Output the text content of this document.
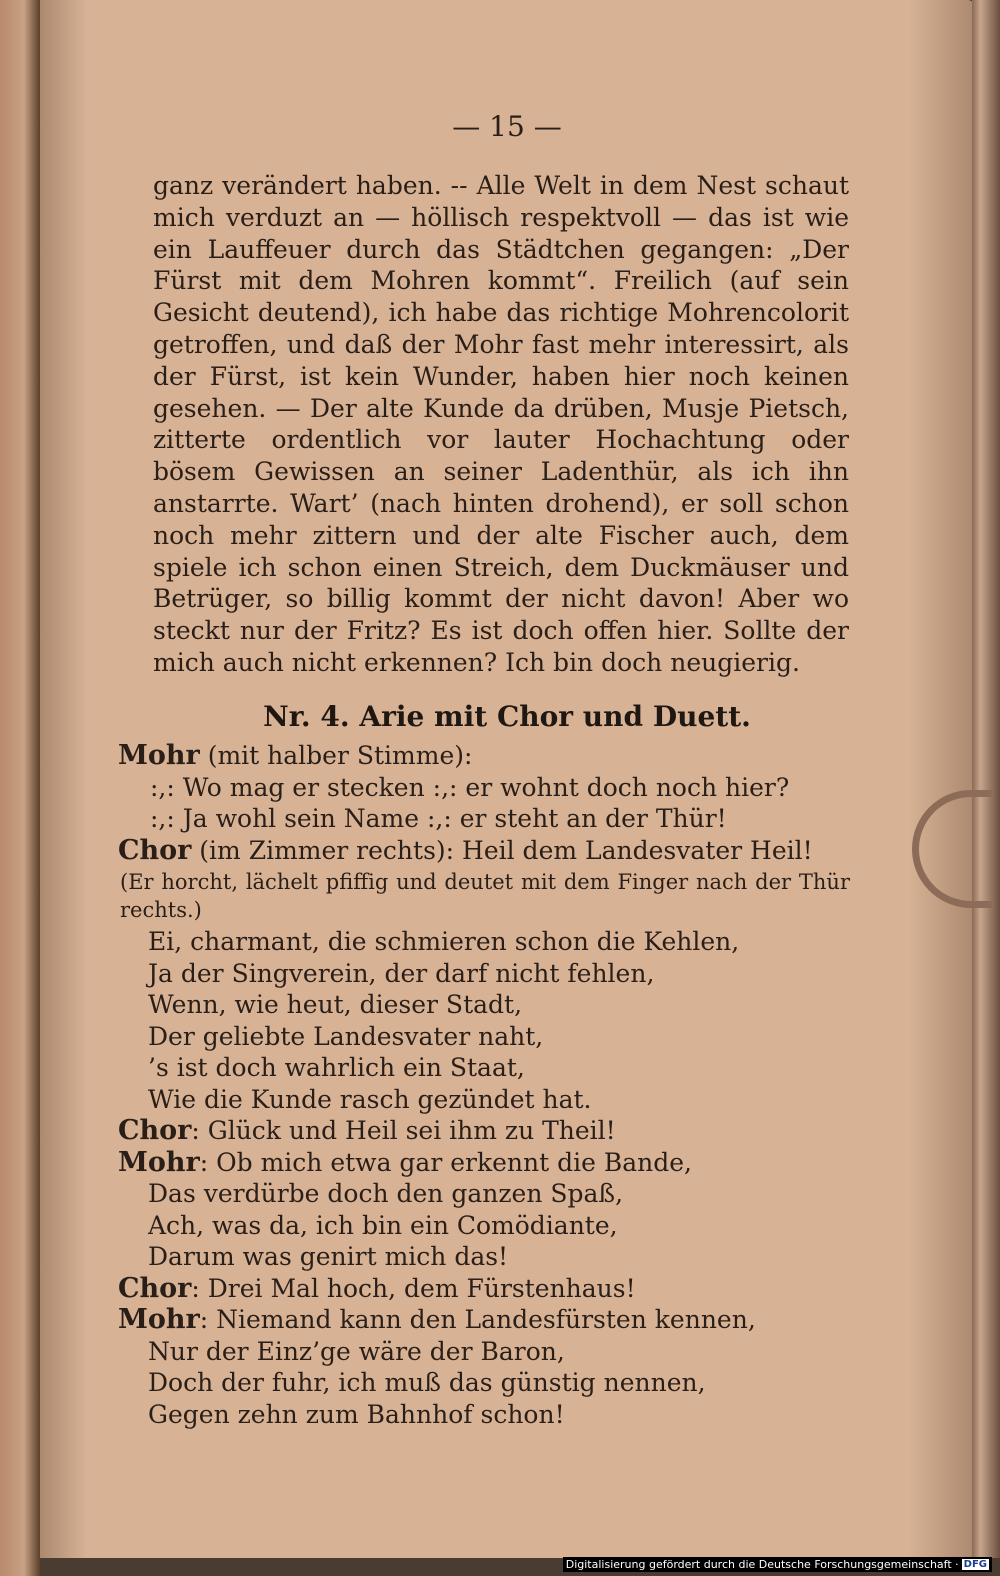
— 15 —

ganz verändert haben. -- Alle Welt in dem Nest schaut mich verduzt an — höllisch respektvoll — das ist wie ein Lauffeuer durch das Städtchen gegangen: „Der Fürst mit dem Mohren kommt“. Freilich (auf sein Gesicht deutend), ich habe das richtige Mohrencolorit getroffen, und daß der Mohr fast mehr interessirt, als der Fürst, ist kein Wunder, haben hier noch keinen gesehen. — Der alte Kunde da drüben, Musje Pietsch, zitterte ordentlich vor lauter Hochachtung oder bösem Gewissen an seiner Ladenthür, als ich ihn anstarrte. Wart’ (nach hinten drohend), er soll schon noch mehr zittern und der alte Fischer auch, dem spiele ich schon einen Streich, dem Duckmäuser und Betrüger, so billig kommt der nicht davon! Aber wo steckt nur der Fritz? Es ist doch offen hier. Sollte der mich auch nicht erkennen? Ich bin doch neugierig.

Nr. 4. Arie mit Chor und Duett.

Mohr (mit halber Stimme):
:,: Wo mag er stecken :,: er wohnt doch noch hier?
:,: Ja wohl sein Name :,: er steht an der Thür!
Chor (im Zimmer rechts): Heil dem Landesvater Heil!
(Er horcht, lächelt pfiffig und deutet mit dem Finger nach der Thür rechts.)
Ei, charmant, die schmieren schon die Kehlen,
Ja der Singverein, der darf nicht fehlen,
Wenn, wie heut, dieser Stadt,
Der geliebte Landesvater naht,
’s ist doch wahrlich ein Staat,
Wie die Kunde rasch gezündet hat.
Chor: Glück und Heil sei ihm zu Theil!
Mohr: Ob mich etwa gar erkennt die Bande,
Das verdürbe doch den ganzen Spaß,
Ach, was da, ich bin ein Comödiante,
Darum was genirt mich das!
Chor: Drei Mal hoch, dem Fürstenhaus!
Mohr: Niemand kann den Landesfürsten kennen,
Nur der Einz’ge wäre der Baron,
Doch der fuhr, ich muß das günstig nennen,
Gegen zehn zum Bahnhof schon!
Digitalisierung gefördert durch die Deutsche Forschungsgemeinschaft · DFG
